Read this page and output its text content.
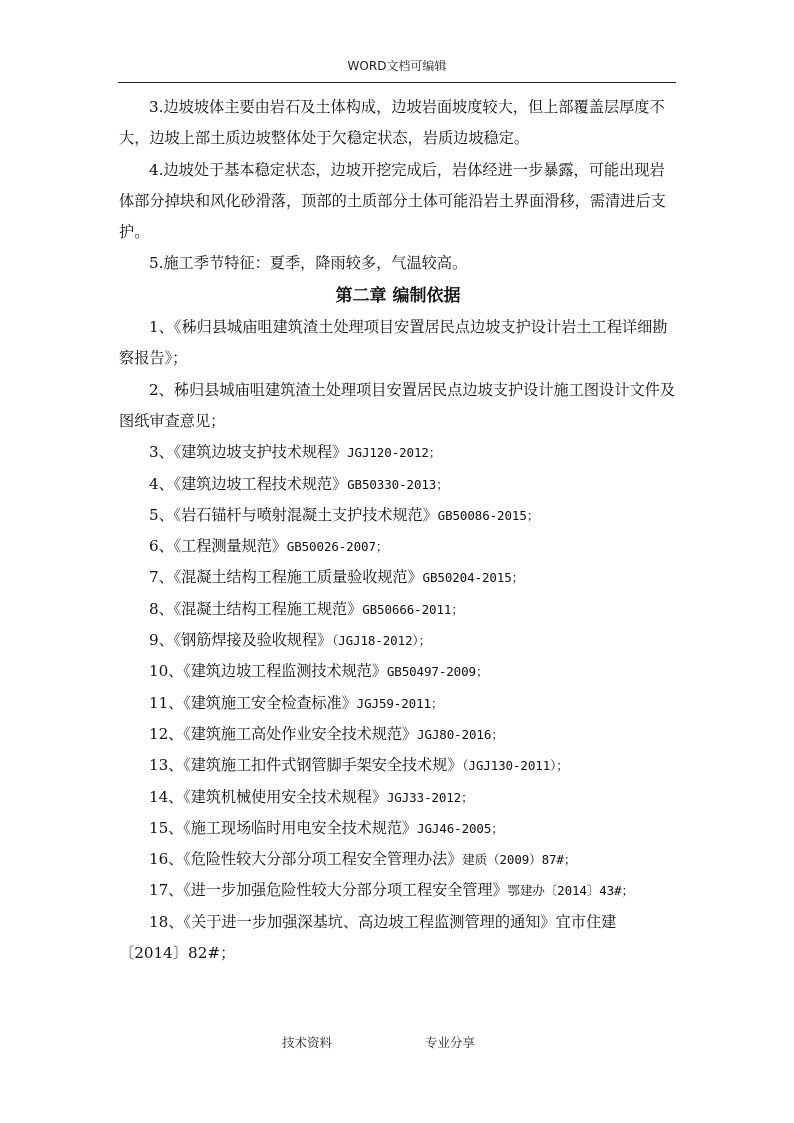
WORD文档可编辑

3.边坡坡体主要由岩石及土体构成，边坡岩面坡度较大，但上部覆盖层厚度不大，边坡上部土质边坡整体处于欠稳定状态，岩质边坡稳定。

4.边坡处于基本稳定状态，边坡开挖完成后，岩体经进一步暴露，可能出现岩体部分掉块和风化砂滑落，顶部的土质部分土体可能沿岩土界面滑移，需清进后支护。

5.施工季节特征：夏季，降雨较多，气温较高。

第二章 编制依据

1、《秭归县城庙咀建筑渣土处理项目安置居民点边坡支护设计岩土工程详细勘察报告》；

2、秭归县城庙咀建筑渣土处理项目安置居民点边坡支护设计施工图设计文件及图纸审查意见；

3、《建筑边坡支护技术规程》JGJ120-2012；

4、《建筑边坡工程技术规范》GB50330-2013；

5、《岩石锚杆与喷射混凝土支护技术规范》GB50086-2015；

6、《工程测量规范》GB50026-2007；

7、《混凝土结构工程施工质量验收规范》GB50204-2015；

8、《混凝土结构工程施工规范》GB50666-2011；

9、《钢筋焊接及验收规程》（JGJ18-2012）；

10、《建筑边坡工程监测技术规范》GB50497-2009；

11、《建筑施工安全检查标准》JGJ59-2011；

12、《建筑施工高处作业安全技术规范》JGJ80-2016；

13、《建筑施工扣件式钢管脚手架安全技术规》（JGJ130-2011）；

14、《建筑机械使用安全技术规程》JGJ33-2012；

15、《施工现场临时用电安全技术规范》JGJ46-2005；

16、《危险性较大分部分项工程安全管理办法》建质（2009）87#；

17、《进一步加强危险性较大分部分项工程安全管理》鄂建办〔2014〕43#；

18、《关于进一步加强深基坑、高边坡工程监测管理的通知》宜市住建〔2014〕82#；

技术资料	专业分享
